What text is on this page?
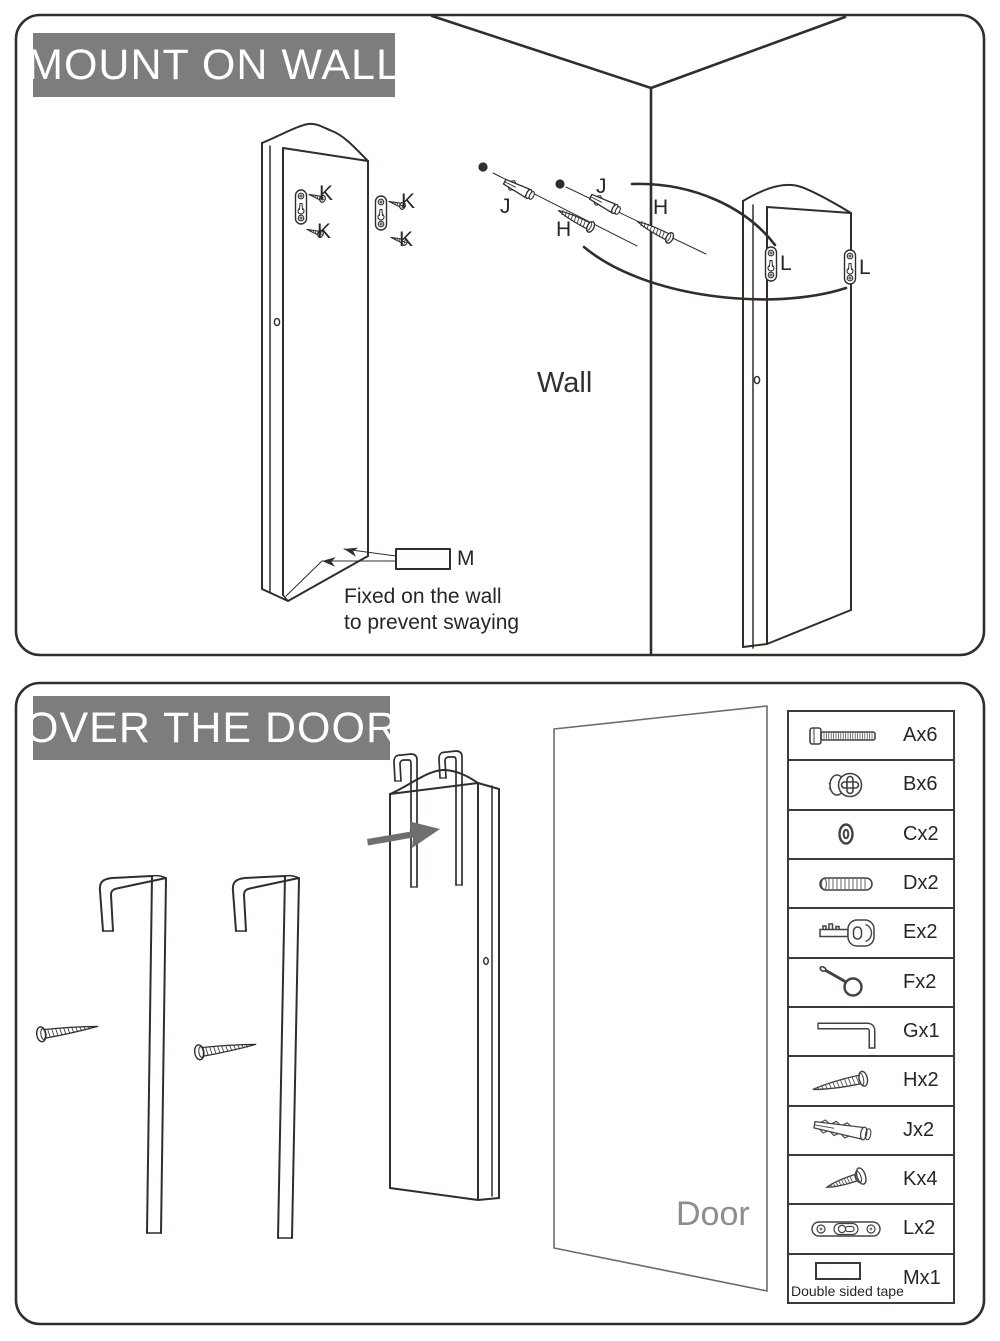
MOUNT ON WALL
OVER THE DOOR
K
K
K
K
J
J
H
H
L	L
M
Wall
Fixed on the wall
to prevent swaying
Door
Ax6
Bx6
Cx2
Dx2
Ex2
Fx2
Gx1
Hx2
Jx2
Kx4
Lx2
Double sided tape
Mx1
